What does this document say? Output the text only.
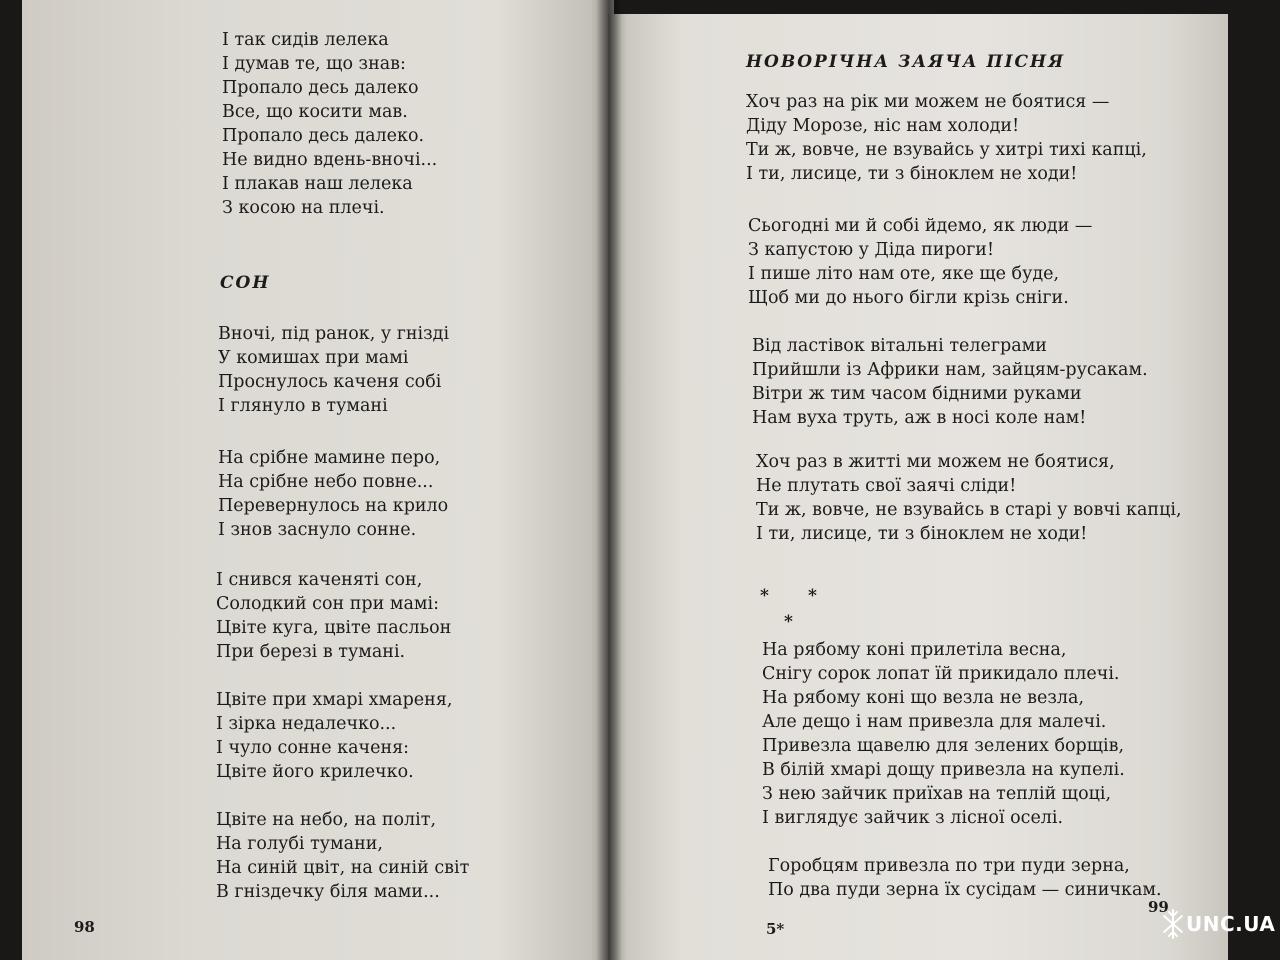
І так сидів лелека
І думав те, що знав:
Пропало десь далеко
Все, що косити мав.
Пропало десь далеко.
Не видно вдень-вночі...
І плакав наш лелека
З косою на плечі.
СОН
Вночі, під ранок, у гнізді
У комишах при мамі
Проснулось каченя собі
І глянуло в тумані
На срібне мамине перо,
На срібне небо повне...
Перевернулось на крило
І знов заснуло сонне.
І снився каченяті сон,
Солодкий сон при мамі:
Цвіте куга, цвіте пасльон
При березі в тумані.
Цвіте при хмарі хмареня,
І зірка недалечко...
І чуло сонне каченя:
Цвіте його крилечко.
Цвіте на небо, на політ,
На голубі тумани,
На синій цвіт, на синій світ
В гніздечку біля мами...
98
НОВОРІЧНА ЗАЯЧА ПІСНЯ
Хоч раз на рік ми можем не боятися —
Діду Морозе, ніс нам холоди!
Ти ж, вовче, не взувайсь у хитрі тихі капці,
І ти, лисице, ти з біноклем не ходи!
Сьогодні ми й собі йдемо, як люди —
З капустою у Діда пироги!
І пише літо нам оте, яке ще буде,
Щоб ми до нього бігли крізь сніги.
Від ластівок вітальні телеграми
Прийшли із Африки нам, зайцям-русакам.
Вітри ж тим часом бідними руками
Нам вуха труть, аж в носі коле нам!
Хоч раз в житті ми можем не боятися,
Не плутать свої заячі сліди!
Ти ж, вовче, не взувайсь в старі у вовчі капці,
І ти, лисице, ти з біноклем не ходи!
* *
*
На рябому коні прилетіла весна,
Снігу сорок лопат їй прикидало плечі.
На рябому коні що везла не везла,
Але дещо і нам привезла для малечі.
Привезла щавелю для зелених борщів,
В білій хмарі дощу привезла на купелі.
З нею зайчик приїхав на теплій щоці,
І виглядує зайчик з лісної оселі.
Горобцям привезла по три пуди зерна,
По два пуди зерна їх сусідам — синичкам.
5*
99
UNC.UA
